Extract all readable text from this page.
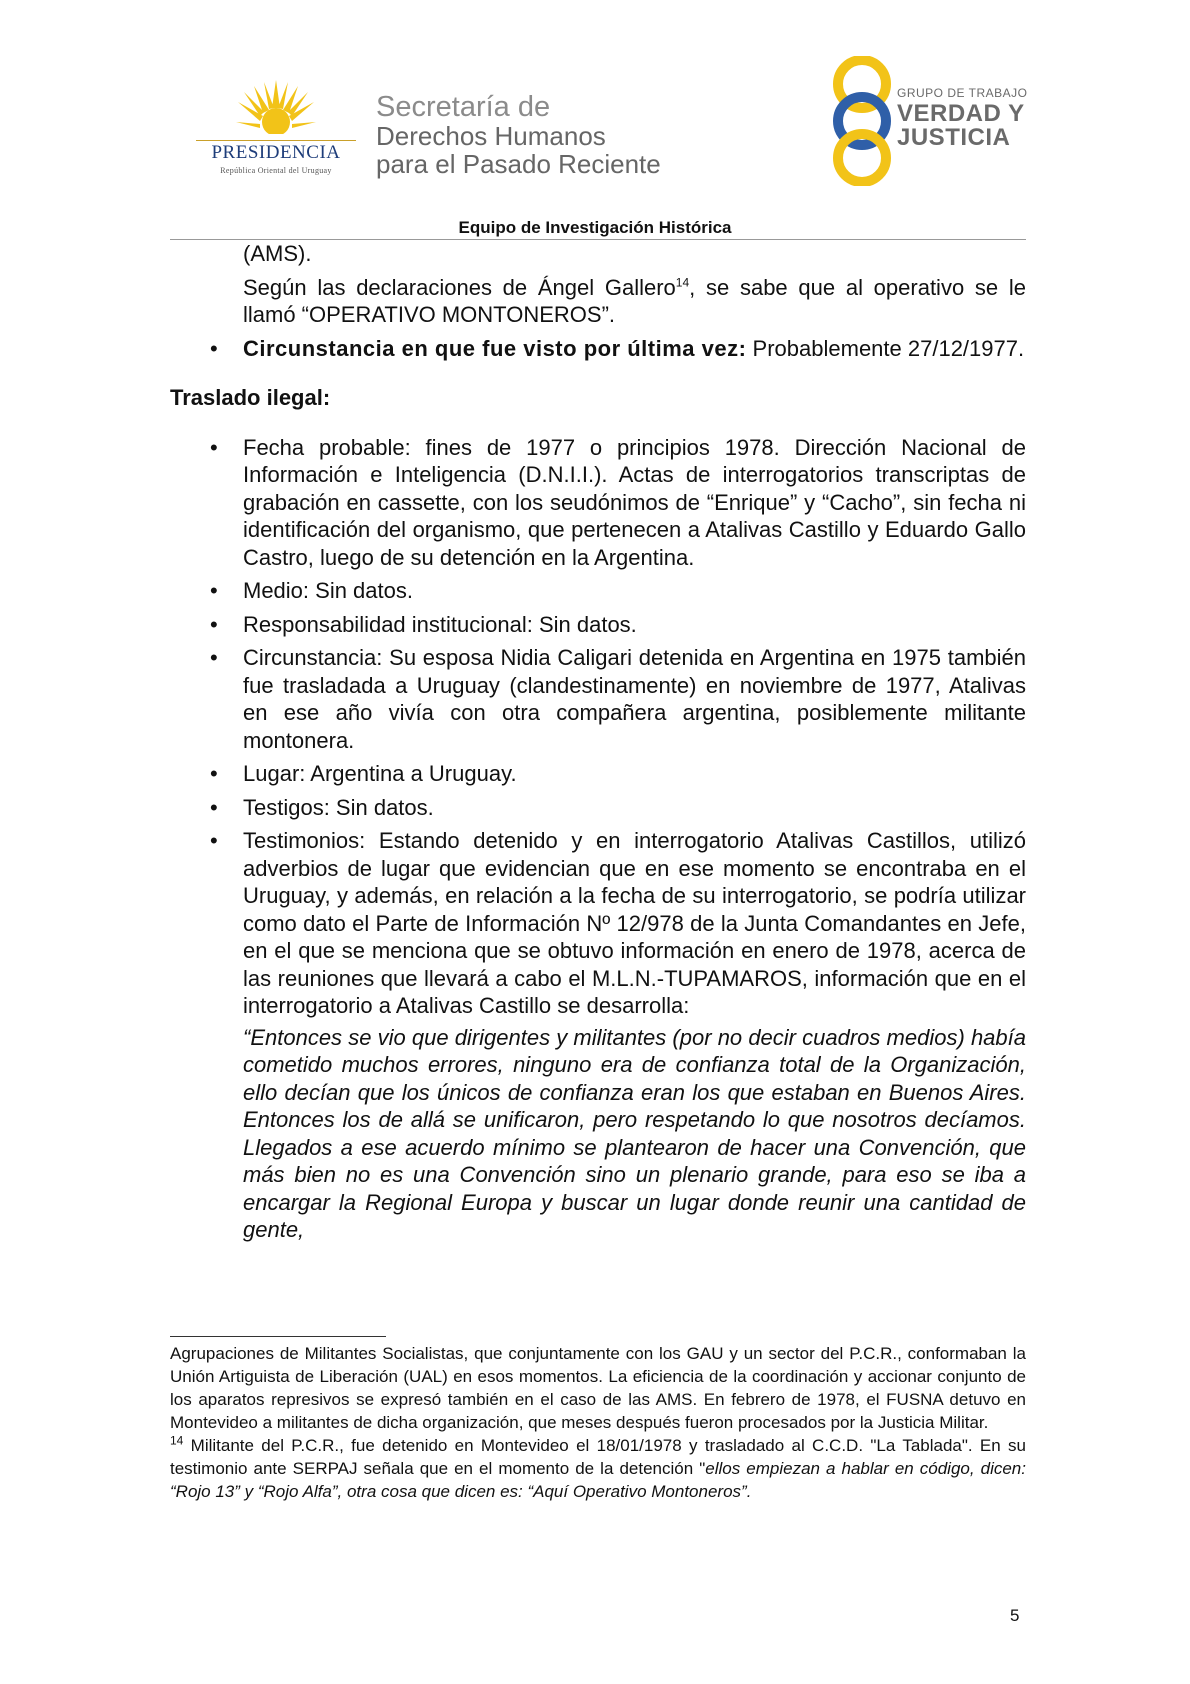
PRESIDENCIA
República Oriental del Uruguay
Secretaría de
Derechos Humanos
para el Pasado Reciente
GRUPO DE TRABAJO
VERDAD Y
JUSTICIA
Equipo de Investigación Histórica

(AMS).

Según las declaraciones de Ángel Gallero$^{14}$, se sabe que al operativo se le llamó “OPERATIVO MONTONEROS”.

• Circunstancia en que fue visto por última vez: Probablemente 27/12/1977.

Traslado ilegal:

• Fecha probable: fines de 1977 o principios 1978. Dirección Nacional de Información e Inteligencia (D.N.I.I.). Actas de interrogatorios transcriptas de grabación en cassette, con los seudónimos de “Enrique” y “Cacho”, sin fecha ni identificación del organismo, que pertenecen a Atalivas Castillo y Eduardo Gallo Castro, luego de su detención en la Argentina.
• Medio: Sin datos.
• Responsabilidad institucional: Sin datos.
• Circunstancia: Su esposa Nidia Caligari detenida en Argentina en 1975 también fue trasladada a Uruguay (clandestinamente) en noviembre de 1977, Atalivas en ese año vivía con otra compañera argentina, posiblemente militante montonera.
• Lugar: Argentina a Uruguay.
• Testigos: Sin datos.
• Testimonios: Estando detenido y en interrogatorio Atalivas Castillos, utilizó adverbios de lugar que evidencian que en ese momento se encontraba en el Uruguay, y además, en relación a la fecha de su interrogatorio, se podría utilizar como dato el Parte de Información Nº 12/978 de la Junta Comandantes en Jefe, en el que se menciona que se obtuvo información en enero de 1978, acerca de las reuniones que llevará a cabo el M.L.N.-TUPAMAROS, información que en el interrogatorio a Atalivas Castillo se desarrolla:

“Entonces se vio que dirigentes y militantes (por no decir cuadros medios) había cometido muchos errores, ninguno era de confianza total de la Organización, ello decían que los únicos de confianza eran los que estaban en Buenos Aires. Entonces los de allá se unificaron, pero respetando lo que nosotros decíamos. Llegados a ese acuerdo mínimo se plantearon de hacer una Convención, que más bien no es una Convención sino un plenario grande, para eso se iba a encargar la Regional Europa y buscar un lugar donde reunir una cantidad de gente,

Agrupaciones de Militantes Socialistas, que conjuntamente con los GAU y un sector del P.C.R., conformaban la Unión Artiguista de Liberación (UAL) en esos momentos. La eficiencia de la coordinación y accionar conjunto de los aparatos represivos se expresó también en el caso de las AMS. En febrero de 1978, el FUSNA detuvo en Montevideo a militantes de dicha organización, que meses después fueron procesados por la Justicia Militar.

$^{14}$ Militante del P.C.R., fue detenido en Montevideo el 18/01/1978 y trasladado al C.C.D. "La Tablada". En su testimonio ante SERPAJ señala que en el momento de la detención "ellos empiezan a hablar en código, dicen: “Rojo 13” y “Rojo Alfa”, otra cosa que dicen es: “Aquí Operativo Montoneros”.

5
